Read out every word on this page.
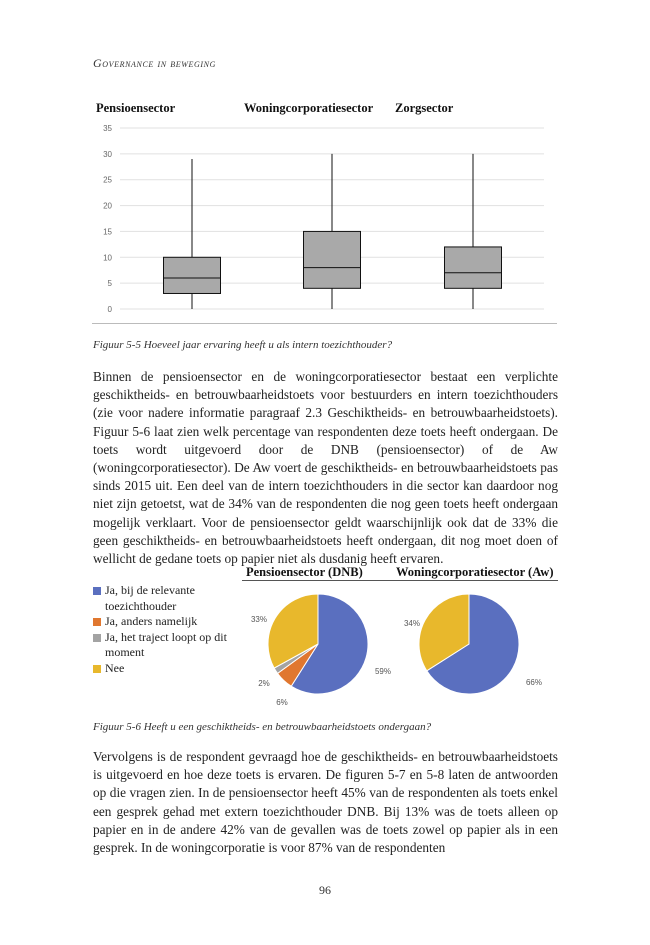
Governance in beweging
Pensioensector	Woningcorporatiesector Zorgsector
0
5
10
15
20
25
30
35
Figuur 5-5 Hoeveel jaar ervaring heeft u als intern toezichthouder?

Binnen de pensioensector en de woningcorporatiesector bestaat een verplichte geschiktheids- en betrouwbaarheidstoets voor bestuurders en intern toezichthouders (zie voor nadere informatie paragraaf 2.3 Geschiktheids- en betrouwbaarheidstoets). Figuur 5-6 laat zien welk percentage van respondenten deze toets heeft ondergaan. De toets wordt uitgevoerd door de DNB (pensioensector) of de Aw (woningcorporatiesector). De Aw voert de geschiktheids- en betrouwbaarheidstoets pas sinds 2015 uit. Een deel van de intern toezichthouders in die sector kan daardoor nog niet zijn getoetst, wat de 34% van de respondenten die nog geen toets heeft ondergaan mogelijk verklaart. Voor de pensioensector geldt waarschijnlijk ook dat de 33% die geen geschiktheids- en betrouwbaarheidstoets heeft ondergaan, dit nog moet doen of wellicht de gedane toets op papier niet als dusdanig heeft ervaren.

Pensioensector (DNB)	Woningcorporatiesector (Aw)
Ja, bij de relevante toezichthouder
Ja, anders namelijk
Ja, het traject loopt op dit moment
Nee	59%
6%
2%
33%
66%
34%
Figuur 5-6 Heeft u een geschiktheids- en betrouwbaarheidstoets ondergaan?

Vervolgens is de respondent gevraagd hoe de geschiktheids- en betrouwbaarheidstoets is uitgevoerd en hoe deze toets is ervaren. De figuren 5-7 en 5-8 laten de antwoorden op die vragen zien. In de pensioensector heeft 45% van de respondenten als toets enkel een gesprek gehad met extern toezichthouder DNB. Bij 13% was de toets alleen op papier en in de andere 42% van de gevallen was de toets zowel op papier als in een gesprek. In de woningcorporatie is voor 87% van de respondenten

96
